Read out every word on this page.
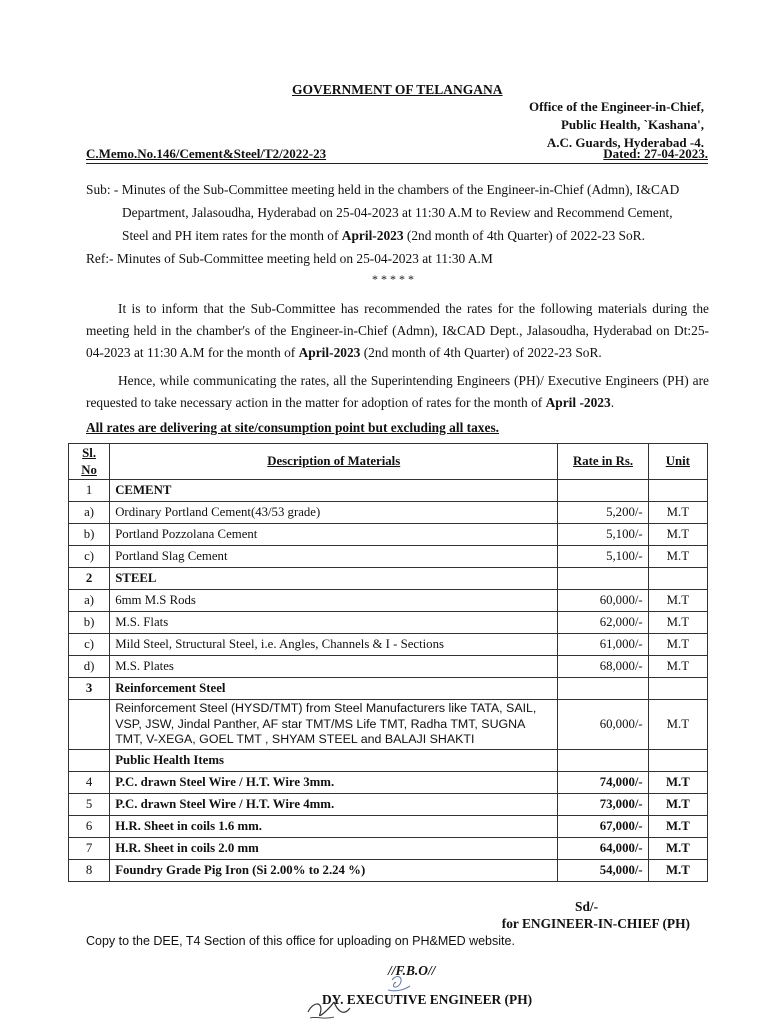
GOVERNMENT OF TELANGANA
Office of the Engineer-in-Chief,
Public Health, `Kashana',
A.C. Guards, Hyderabad -4.
C.Memo.No.146/Cement&Steel/T2/2022-23	Dated: 27-04-2023.
Sub: - Minutes of the Sub-Committee meeting held in the chambers of the Engineer-in-Chief (Admn), I&CAD
Department, Jalasoudha, Hyderabad on 25-04-2023 at 11:30 A.M to Review and Recommend Cement,
Steel and PH item rates for the month of April-2023 (2nd month of 4th Quarter) of 2022-23 SoR.
Ref:- Minutes of Sub-Committee meeting held on 25-04-2023 at 11:30 A.M
*****
It is to inform that the Sub-Committee has recommended the rates for the following materials during the meeting held in the chamber's of the Engineer-in-Chief (Admn), I&CAD Dept., Jalasoudha, Hyderabad on Dt:25-04-2023 at 11:30 A.M for the month of April-2023 (2nd month of 4th Quarter) of 2022-23 SoR.
Hence, while communicating the rates, all the Superintending Engineers (PH)/ Executive Engineers (PH) are requested to take necessary action in the matter for adoption of rates for the month of April -2023.
All rates are delivering at site/consumption point but excluding all taxes.
Sl. No	Description of Materials	Rate in Rs.	Unit
1	CEMENT		
a)	Ordinary Portland Cement(43/53 grade)	5,200/-	M.T
b)	Portland Pozzolana Cement	5,100/-	M.T
c)	Portland Slag Cement	5,100/-	M.T
2	STEEL		
a)	6mm M.S Rods	60,000/-	M.T
b)	M.S. Flats	62,000/-	M.T
c)	Mild Steel, Structural Steel, i.e. Angles, Channels & I - Sections	61,000/-	M.T
d)	M.S. Plates	68,000/-	M.T
3	Reinforcement Steel		
	Reinforcement Steel (HYSD/TMT) from Steel Manufacturers like TATA, SAIL, VSP, JSW, Jindal Panther, AF star TMT/MS Life TMT, Radha TMT, SUGNA TMT, V-XEGA, GOEL TMT , SHYAM STEEL and BALAJI SHAKTI	60,000/-	M.T
	Public Health Items		
4	P.C. drawn Steel Wire / H.T. Wire 3mm.	74,000/-	M.T
5	P.C. drawn Steel Wire / H.T. Wire 4mm.	73,000/-	M.T
6	H.R. Sheet in coils 1.6 mm.	67,000/-	M.T
7	H.R. Sheet in coils 2.0 mm	64,000/-	M.T
8	Foundry Grade Pig Iron (Si 2.00% to 2.24 %)	54,000/-	M.T
Sd/-
for ENGINEER-IN-CHIEF (PH)
Copy to the DEE, T4 Section of this office for uploading on PH&MED website.
//F.B.O//
DY. EXECUTIVE ENGINEER (PH)
